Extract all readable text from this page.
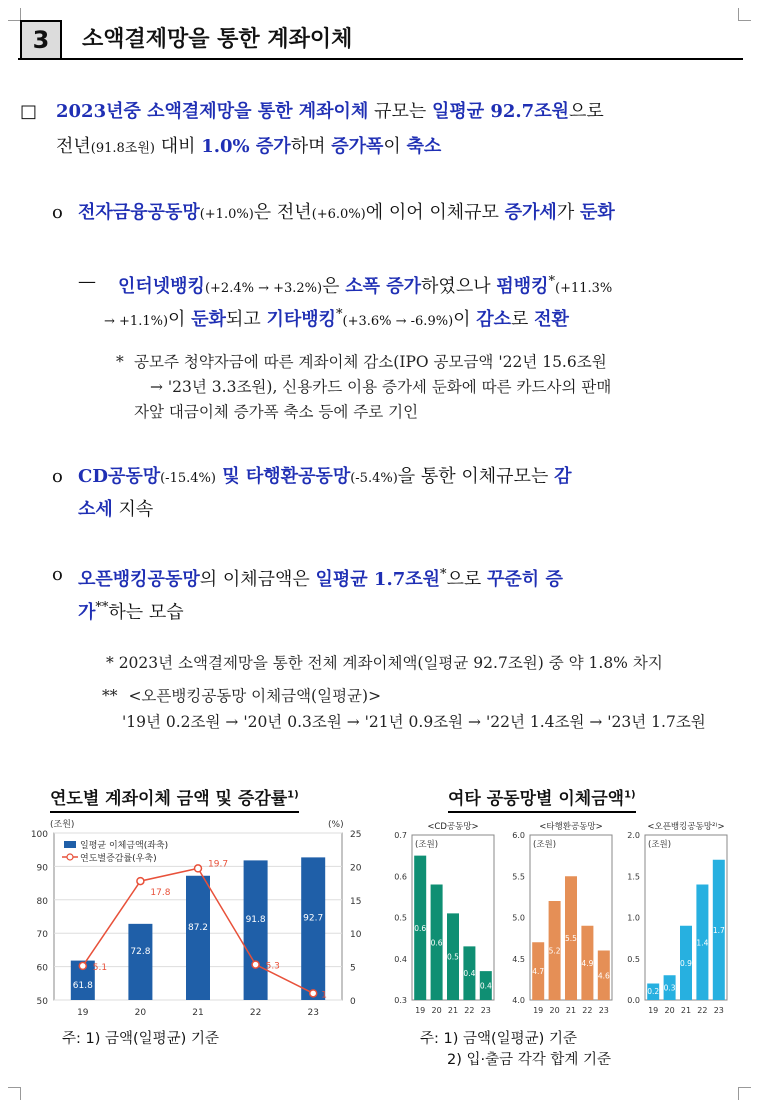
3	소액결제망을 통한 계좌이체
□ 2023년중 소액결제망을 통한 계좌이체 규모는 일평균 92.7조원으로
전년(91.8조원) 대비 1.0% 증가하며 증가폭이 축소
o 전자금융공동망(+1.0%)은 전년(+6.0%)에 이어 이체규모 증가세가 둔화
— 인터넷뱅킹(+2.4% → +3.2%)은 소폭 증가하였으나 펌뱅킹*(+11.3%
→ +1.1%)이 둔화되고 기타뱅킹*(+3.6% → -6.9%)이 감소로 전환
* 공모주 청약자금에 따른 계좌이체 감소(IPO 공모금액 '22년 15.6조원
→ '23년 3.3조원), 신용카드 이용 증가세 둔화에 따른 카드사의 판매
자앞 대금이체 증가폭 축소 등에 주로 기인
o CD공동망(-15.4%) 및 타행환공동망(-5.4%)을 통한 이체규모는 감
소세 지속
o 오픈뱅킹공동망의 이체금액은 일평균 1.7조원*으로 꾸준히 증
가**하는 모습
* 2023년 소액결제망을 통한 전체 계좌이체액(일평균 92.7조원) 중 약 1.8% 차지
** <오픈뱅킹공동망 이체금액(일평균)>
'19년 0.2조원 → '20년 0.3조원 → '21년 0.9조원 → '22년 1.4조원 → '23년 1.7조원
연도별 계좌이체 금액 및 증감률$^{1)}$	여타 공동망별 이체금액$^{1)}$
50
60
70
80
90
100
0
5
10
15
20
25
(조원)	(%)
61.8
19
72.8
20
87.2
21
91.8
22
92.7
23
5.1
17.8
19.7
5.3
1
일평균 이체금액(좌축)
연도별증감률(우축)
<CD공동망>
(조원)
0.3
0.4
0.5
0.6
0.7
0.6
19
0.6
20
0.5
21
0.4
22
0.4
23
<타행환공동망>
(조원)
4.0
4.5
5.0
5.5
6.0
4.7
19
5.2
20
5.5
21
4.9
22
4.6
23
<오픈뱅킹공동망²⁾>
(조원)
0.0
0.5
1.0
1.5
2.0
0.2
19
0.3
20
0.9
21
1.4
22
1.7
23
주: 1) 금액(일평균) 기준	주: 1) 금액(일평균) 기준
2) 입·출금 각각 합계 기준
